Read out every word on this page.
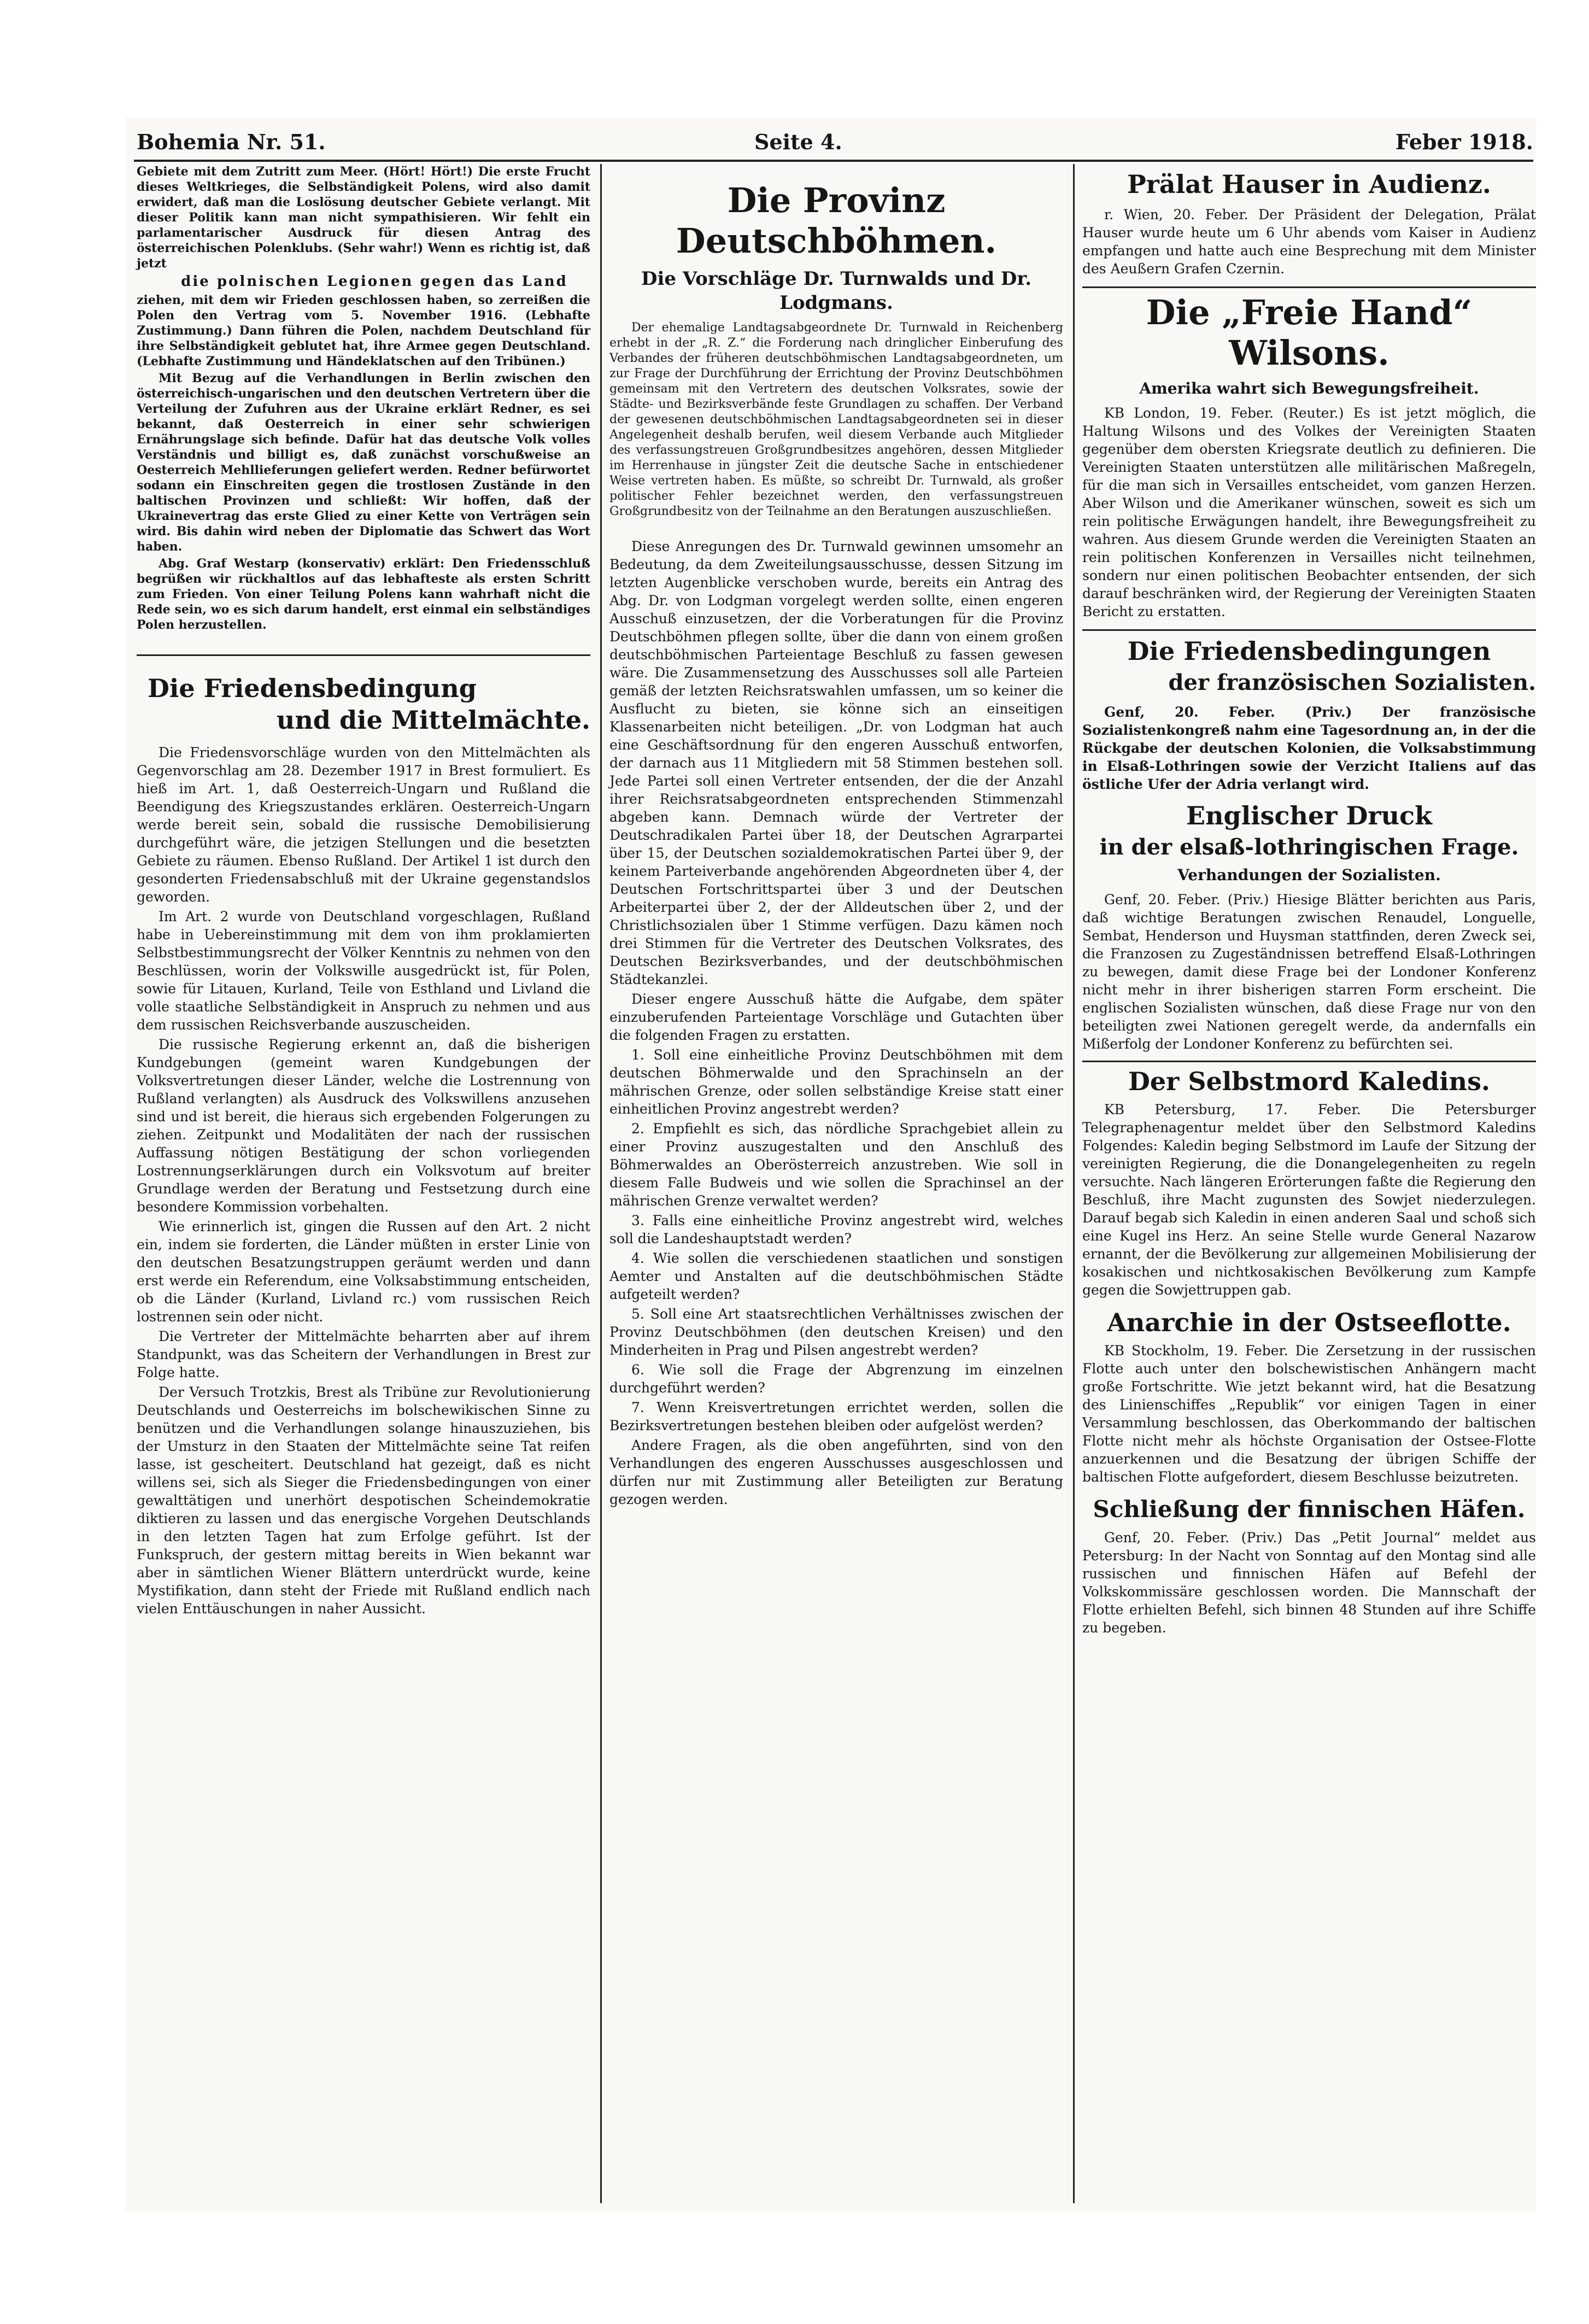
Bohemia Nr. 51.	Seite 4.	Feber 1918.

Gebiete mit dem Zutritt zum Meer. (Hört! Hört!) Die erste Frucht dieses Weltkrieges, die Selbständigkeit Polens, wird also damit erwidert, daß man die Loslösung deutscher Gebiete verlangt. Mit dieser Politik kann man nicht sympathisieren. Wir fehlt ein parlamentarischer Ausdruck für diesen Antrag des österreichischen Polenklubs. (Sehr wahr!) Wenn es richtig ist, daß jetzt

die polnischen Legionen gegen das Land

ziehen, mit dem wir Frieden geschlossen haben, so zerreißen die Polen den Vertrag vom 5. November 1916. (Lebhafte Zustimmung.) Dann führen die Polen, nachdem Deutschland für ihre Selbständigkeit geblutet hat, ihre Armee gegen Deutschland. (Lebhafte Zustimmung und Händeklatschen auf den Tribünen.)

Mit Bezug auf die Verhandlungen in Berlin zwischen den österreichisch-ungarischen und den deutschen Vertretern über die Verteilung der Zufuhren aus der Ukraine erklärt Redner, es sei bekannt, daß Oesterreich in einer sehr schwierigen Ernährungslage sich befinde. Dafür hat das deutsche Volk volles Verständnis und billigt es, daß zunächst vorschußweise an Oesterreich Mehllieferungen geliefert werden. Redner befürwortet sodann ein Einschreiten gegen die trostlosen Zustände in den baltischen Provinzen und schließt: Wir hoffen, daß der Ukrainevertrag das erste Glied zu einer Kette von Verträgen sein wird. Bis dahin wird neben der Diplomatie das Schwert das Wort haben.

Abg. Graf Westarp (konservativ) erklärt: Den Friedensschluß begrüßen wir rückhaltlos auf das lebhafteste als ersten Schritt zum Frieden. Von einer Teilung Polens kann wahrhaft nicht die Rede sein, wo es sich darum handelt, erst einmal ein selbständiges Polen herzustellen.

Die Friedensbedingung
und die Mittelmächte.

Die Friedensvorschläge wurden von den Mittelmächten als Gegenvorschlag am 28. Dezember 1917 in Brest formuliert. Es hieß im Art. 1, daß Oesterreich-Ungarn und Rußland die Beendigung des Kriegszustandes erklären. Oesterreich-Ungarn werde bereit sein, sobald die russische Demobilisierung durchgeführt wäre, die jetzigen Stellungen und die besetzten Gebiete zu räumen. Ebenso Rußland. Der Artikel 1 ist durch den gesonderten Friedensabschluß mit der Ukraine gegenstandslos geworden.

Im Art. 2 wurde von Deutschland vorgeschlagen, Rußland habe in Uebereinstimmung mit dem von ihm proklamierten Selbstbestimmungsrecht der Völker Kenntnis zu nehmen von den Beschlüssen, worin der Volkswille ausgedrückt ist, für Polen, sowie für Litauen, Kurland, Teile von Esthland und Livland die volle staatliche Selbständigkeit in Anspruch zu nehmen und aus dem russischen Reichsverbande auszuscheiden.

Die russische Regierung erkennt an, daß die bisherigen Kundgebungen (gemeint waren Kundgebungen der Volksvertretungen dieser Länder, welche die Lostrennung von Rußland verlangten) als Ausdruck des Volkswillens anzusehen sind und ist bereit, die hieraus sich ergebenden Folgerungen zu ziehen. Zeitpunkt und Modalitäten der nach der russischen Auffassung nötigen Bestätigung der schon vorliegenden Lostrennungserklärungen durch ein Volksvotum auf breiter Grundlage werden der Beratung und Festsetzung durch eine besondere Kommission vorbehalten.

Wie erinnerlich ist, gingen die Russen auf den Art. 2 nicht ein, indem sie forderten, die Länder müßten in erster Linie von den deutschen Besatzungstruppen geräumt werden und dann erst werde ein Referendum, eine Volksabstimmung entscheiden, ob die Länder (Kurland, Livland rc.) vom russischen Reich lostrennen sein oder nicht.

Die Vertreter der Mittelmächte beharrten aber auf ihrem Standpunkt, was das Scheitern der Verhandlungen in Brest zur Folge hatte.

Der Versuch Trotzkis, Brest als Tribüne zur Revolutionierung Deutschlands und Oesterreichs im bolschewikischen Sinne zu benützen und die Verhandlungen solange hinauszuziehen, bis der Umsturz in den Staaten der Mittelmächte seine Tat reifen lasse, ist gescheitert. Deutschland hat gezeigt, daß es nicht willens sei, sich als Sieger die Friedensbedingungen von einer gewalttätigen und unerhört despotischen Scheindemokratie diktieren zu lassen und das energische Vorgehen Deutschlands in den letzten Tagen hat zum Erfolge geführt. Ist der Funkspruch, der gestern mittag bereits in Wien bekannt war aber in sämtlichen Wiener Blättern unterdrückt wurde, keine Mystifikation, dann steht der Friede mit Rußland endlich nach vielen Enttäuschungen in naher Aussicht.

Die Provinz Deutschböhmen.
Die Vorschläge Dr. Turnwalds und Dr. Lodgmans.

Der ehemalige Landtagsabgeordnete Dr. Turnwald in Reichenberg erhebt in der „R. Z.“ die Forderung nach dringlicher Einberufung des Verbandes der früheren deutschböhmischen Landtagsabgeordneten, um zur Frage der Durchführung der Errichtung der Provinz Deutschböhmen gemeinsam mit den Vertretern des deutschen Volksrates, sowie der Städte- und Bezirksverbände feste Grundlagen zu schaffen. Der Verband der gewesenen deutschböhmischen Landtagsabgeordneten sei in dieser Angelegenheit deshalb berufen, weil diesem Verbande auch Mitglieder des verfassungstreuen Großgrundbesitzes angehören, dessen Mitglieder im Herrenhause in jüngster Zeit die deutsche Sache in entschiedener Weise vertreten haben. Es müßte, so schreibt Dr. Turnwald, als großer politischer Fehler bezeichnet werden, den verfassungstreuen Großgrundbesitz von der Teilnahme an den Beratungen auszuschließen.

Diese Anregungen des Dr. Turnwald gewinnen umsomehr an Bedeutung, da dem Zweiteilungsausschusse, dessen Sitzung im letzten Augenblicke verschoben wurde, bereits ein Antrag des Abg. Dr. von Lodgman vorgelegt werden sollte, einen engeren Ausschuß einzusetzen, der die Vorberatungen für die Provinz Deutschböhmen pflegen sollte, über die dann von einem großen deutschböhmischen Parteientage Beschluß zu fassen gewesen wäre. Die Zusammensetzung des Ausschusses soll alle Parteien gemäß der letzten Reichsratswahlen umfassen, um so keiner die Ausflucht zu bieten, sie könne sich an einseitigen Klassenarbeiten nicht beteiligen. „Dr. von Lodgman hat auch eine Geschäftsordnung für den engeren Ausschuß entworfen, der darnach aus 11 Mitgliedern mit 58 Stimmen bestehen soll. Jede Partei soll einen Vertreter entsenden, der die der Anzahl ihrer Reichsratsabgeordneten entsprechenden Stimmenzahl abgeben kann. Demnach würde der Vertreter der Deutschradikalen Partei über 18, der Deutschen Agrarpartei über 15, der Deutschen sozialdemokratischen Partei über 9, der keinem Parteiverbande angehörenden Abgeordneten über 4, der Deutschen Fortschrittspartei über 3 und der Deutschen Arbeiterpartei über 2, der der Alldeutschen über 2, und der Christlichsozialen über 1 Stimme verfügen. Dazu kämen noch drei Stimmen für die Vertreter des Deutschen Volksrates, des Deutschen Bezirksverbandes, und der deutschböhmischen Städtekanzlei.

Dieser engere Ausschuß hätte die Aufgabe, dem später einzuberufenden Parteientage Vorschläge und Gutachten über die folgenden Fragen zu erstatten.

1. Soll eine einheitliche Provinz Deutschböhmen mit dem deutschen Böhmerwalde und den Sprachinseln an der mährischen Grenze, oder sollen selbständige Kreise statt einer einheitlichen Provinz angestrebt werden?

2. Empfiehlt es sich, das nördliche Sprachgebiet allein zu einer Provinz auszugestalten und den Anschluß des Böhmerwaldes an Oberösterreich anzustreben. Wie soll in diesem Falle Budweis und wie sollen die Sprachinsel an der mährischen Grenze verwaltet werden?

3. Falls eine einheitliche Provinz angestrebt wird, welches soll die Landeshauptstadt werden?

4. Wie sollen die verschiedenen staatlichen und sonstigen Aemter und Anstalten auf die deutschböhmischen Städte aufgeteilt werden?

5. Soll eine Art staatsrechtlichen Verhältnisses zwischen der Provinz Deutschböhmen (den deutschen Kreisen) und den Minderheiten in Prag und Pilsen angestrebt werden?

6. Wie soll die Frage der Abgrenzung im einzelnen durchgeführt werden?

7. Wenn Kreisvertretungen errichtet werden, sollen die Bezirksvertretungen bestehen bleiben oder aufgelöst werden?

Andere Fragen, als die oben angeführten, sind von den Verhandlungen des engeren Ausschusses ausgeschlossen und dürfen nur mit Zustimmung aller Beteiligten zur Beratung gezogen werden.

Prälat Hauser in Audienz.

r. Wien, 20. Feber. Der Präsident der Delegation, Prälat Hauser wurde heute um 6 Uhr abends vom Kaiser in Audienz empfangen und hatte auch eine Besprechung mit dem Minister des Aeußern Grafen Czernin.

Die „Freie Hand“ Wilsons.
Amerika wahrt sich Bewegungsfreiheit.

KB London, 19. Feber. (Reuter.) Es ist jetzt möglich, die Haltung Wilsons und des Volkes der Vereinigten Staaten gegenüber dem obersten Kriegsrate deutlich zu definieren. Die Vereinigten Staaten unterstützen alle militärischen Maßregeln, für die man sich in Versailles entscheidet, vom ganzen Herzen. Aber Wilson und die Amerikaner wünschen, soweit es sich um rein politische Erwägungen handelt, ihre Bewegungsfreiheit zu wahren. Aus diesem Grunde werden die Vereinigten Staaten an rein politischen Konferenzen in Versailles nicht teilnehmen, sondern nur einen politischen Beobachter entsenden, der sich darauf beschränken wird, der Regierung der Vereinigten Staaten Bericht zu erstatten.

Die Friedensbedingungen
der französischen Sozialisten.

Genf, 20. Feber. (Priv.) Der französische Sozialistenkongreß nahm eine Tagesordnung an, in der die Rückgabe der deutschen Kolonien, die Volksabstimmung in Elsaß-Lothringen sowie der Verzicht Italiens auf das östliche Ufer der Adria verlangt wird.

Englischer Druck
in der elsaß-lothringischen Frage.
Verhandungen der Sozialisten.

Genf, 20. Feber. (Priv.) Hiesige Blätter berichten aus Paris, daß wichtige Beratungen zwischen Renaudel, Longuelle, Sembat, Henderson und Huysman stattfinden, deren Zweck sei, die Franzosen zu Zugeständnissen betreffend Elsaß-Lothringen zu bewegen, damit diese Frage bei der Londoner Konferenz nicht mehr in ihrer bisherigen starren Form erscheint. Die englischen Sozialisten wünschen, daß diese Frage nur von den beteiligten zwei Nationen geregelt werde, da andernfalls ein Mißerfolg der Londoner Konferenz zu befürchten sei.

Der Selbstmord Kaledins.

KB Petersburg, 17. Feber. Die Petersburger Telegraphenagentur meldet über den Selbstmord Kaledins Folgendes: Kaledin beging Selbstmord im Laufe der Sitzung der vereinigten Regierung, die die Donangelegenheiten zu regeln versuchte. Nach längeren Erörterungen faßte die Regierung den Beschluß, ihre Macht zugunsten des Sowjet niederzulegen. Darauf begab sich Kaledin in einen anderen Saal und schoß sich eine Kugel ins Herz. An seine Stelle wurde General Nazarow ernannt, der die Bevölkerung zur allgemeinen Mobilisierung der kosakischen und nichtkosakischen Bevölkerung zum Kampfe gegen die Sowjettruppen gab.

Anarchie in der Ostseeflotte.

KB Stockholm, 19. Feber. Die Zersetzung in der russischen Flotte auch unter den bolschewistischen Anhängern macht große Fortschritte. Wie jetzt bekannt wird, hat die Besatzung des Linienschiffes „Republik“ vor einigen Tagen in einer Versammlung beschlossen, das Oberkommando der baltischen Flotte nicht mehr als höchste Organisation der Ostsee-Flotte anzuerkennen und die Besatzung der übrigen Schiffe der baltischen Flotte aufgefordert, diesem Beschlusse beizutreten.

Schließung der finnischen Häfen.

Genf, 20. Feber. (Priv.) Das „Petit Journal“ meldet aus Petersburg: In der Nacht von Sonntag auf den Montag sind alle russischen und finnischen Häfen auf Befehl der Volkskommissäre geschlossen worden. Die Mannschaft der Flotte erhielten Befehl, sich binnen 48 Stunden auf ihre Schiffe zu begeben.
